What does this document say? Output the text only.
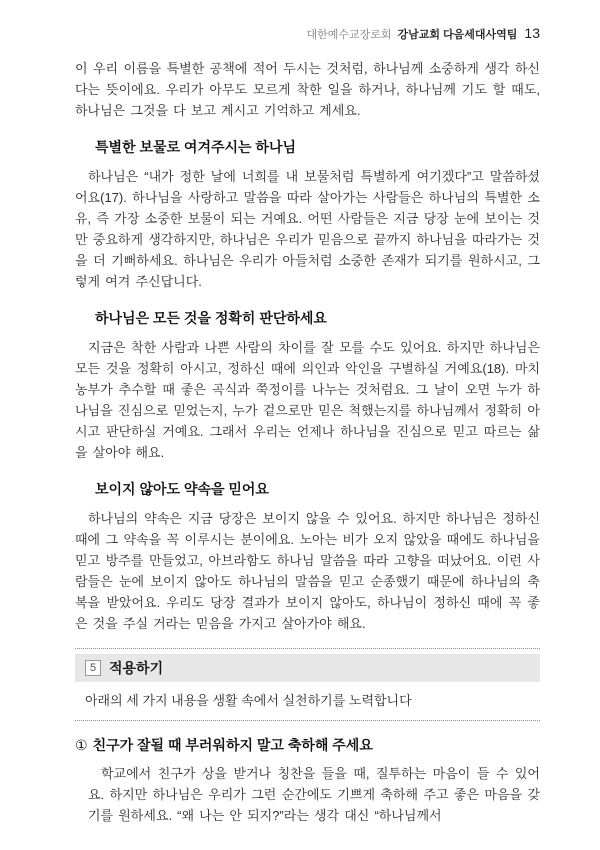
대한예수교장로회 강남교회 다음세대사역팀 13

이 우리 이름을 특별한 공책에 적어 두시는 것처럼, 하나님께 소중하게 생각 하신다는 뜻이에요. 우리가 아무도 모르게 착한 일을 하거나, 하나님께 기도 할 때도, 하나님은 그것을 다 보고 계시고 기억하고 계세요.

특별한 보물로 여겨주시는 하나님

하나님은 “내가 정한 날에 너희를 내 보물처럼 특별하게 여기겠다”고 말씀하셨어요(17). 하나님을 사랑하고 말씀을 따라 살아가는 사람들은 하나님의 특별한 소유, 즉 가장 소중한 보물이 되는 거예요. 어떤 사람들은 지금 당장 눈에 보이는 것만 중요하게 생각하지만, 하나님은 우리가 믿음으로 끝까지 하나님을 따라가는 것을 더 기뻐하세요. 하나님은 우리가 아들처럼 소중한 존재가 되기를 원하시고, 그렇게 여겨 주신답니다.

하나님은 모든 것을 정확히 판단하세요

지금은 착한 사람과 나쁜 사람의 차이를 잘 모를 수도 있어요. 하지만 하나님은 모든 것을 정확히 아시고, 정하신 때에 의인과 악인을 구별하실 거예요(18). 마치 농부가 추수할 때 좋은 곡식과 쭉정이를 나누는 것처럼요. 그 날이 오면 누가 하나님을 진심으로 믿었는지, 누가 겉으로만 믿은 척했는지를 하나님께서 정확히 아시고 판단하실 거예요. 그래서 우리는 언제나 하나님을 진심으로 믿고 따르는 삶을 살아야 해요.

보이지 않아도 약속을 믿어요

하나님의 약속은 지금 당장은 보이지 않을 수 있어요. 하지만 하나님은 정하신 때에 그 약속을 꼭 이루시는 분이에요. 노아는 비가 오지 않았을 때에도 하나님을 믿고 방주를 만들었고, 아브라함도 하나님 말씀을 따라 고향을 떠났어요. 이런 사람들은 눈에 보이지 않아도 하나님의 말씀을 믿고 순종했기 때문에 하나님의 축복을 받았어요. 우리도 당장 결과가 보이지 않아도, 하나님이 정하신 때에 꼭 좋은 것을 주실 거라는 믿음을 가지고 살아가야 해요.

5 적용하기

아래의 세 가지 내용을 생활 속에서 실천하기를 노력합니다

① 친구가 잘될 때 부러워하지 말고 축하해 주세요

학교에서 친구가 상을 받거나 칭찬을 들을 때, 질투하는 마음이 들 수 있어요. 하지만 하나님은 우리가 그런 순간에도 기쁘게 축하해 주고 좋은 마음을 갖기를 원하세요. “왜 나는 안 되지?”라는 생각 대신 “하나님께서
